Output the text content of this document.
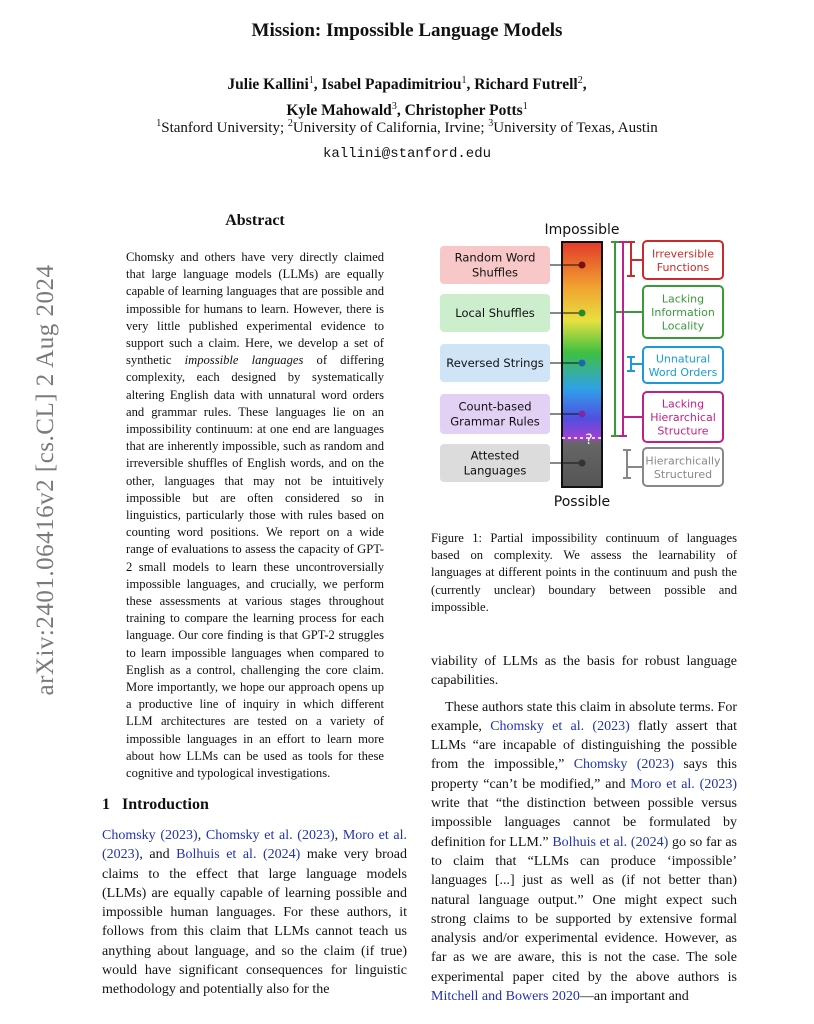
Mission: Impossible Language Models
Julie Kallini$^1$, Isabel Papadimitriou$^1$, Richard Futrell$^2$,
Kyle Mahowald$^3$, Christopher Potts$^1$
$^1$Stanford University; $^2$University of California, Irvine; $^3$University of Texas, Austin
kallini@stanford.edu
arXiv:2401.06416v2 [cs.CL] 2 Aug 2024
Abstract
Chomsky and others have very directly claimed that large language models (LLMs) are equally capable of learning languages that are possible and impossible for humans to learn. However, there is very little published experimental evidence to support such a claim. Here, we develop a set of synthetic impossible languages of differing complexity, each designed by systematically altering English data with unnatural word orders and grammar rules. These languages lie on an impossibility continuum: at one end are languages that are inherently impossible, such as random and irreversible shuffles of English words, and on the other, languages that may not be intuitively impossible but are often considered so in linguistics, particularly those with rules based on counting word positions. We report on a wide range of evaluations to assess the capacity of GPT-2 small models to learn these uncontroversially impossible languages, and crucially, we perform these assessments at various stages throughout training to compare the learning process for each language. Our core finding is that GPT-2 struggles to learn impossible languages when compared to English as a control, challenging the core claim. More importantly, we hope our approach opens up a productive line of inquiry in which different LLM architectures are tested on a variety of impossible languages in an effort to learn more about how LLMs can be used as tools for these cognitive and typological investigations.
1 Introduction
Chomsky (2023), Chomsky et al. (2023), Moro et al. (2023), and Bolhuis et al. (2024) make very broad claims to the effect that large language models (LLMs) are equally capable of learning possible and impossible human languages. For these authors, it follows from this claim that LLMs cannot teach us anything about language, and so the claim (if true) would have significant consequences for linguistic methodology and potentially also for the
Impossible
?
Random Word
Shuffles
Local Shuffles
Reversed Strings
Count-based
Grammar Rules
Attested
Languages
Irreversible
Functions
Lacking
Information
Locality
Unnatural
Word Orders
Lacking
Hierarchical
Structure
Hierarchically
Structured
Possible
Figure 1: Partial impossibility continuum of languages based on complexity. We assess the learnability of languages at different points in the continuum and push the (currently unclear) boundary between possible and impossible.

viability of LLMs as the basis for robust language capabilities.

These authors state this claim in absolute terms. For example, Chomsky et al. (2023) flatly assert that LLMs “are incapable of distinguishing the possible from the impossible,” Chomsky (2023) says this property “can’t be modified,” and Moro et al. (2023) write that “the distinction between possible versus impossible languages cannot be formulated by definition for LLM.” Bolhuis et al. (2024) go so far as to claim that “LLMs can produce ‘impossible’ languages [...] just as well as (if not better than) natural language output.” One might expect such strong claims to be supported by extensive formal analysis and/or experimental evidence. However, as far as we are aware, this is not the case. The sole experimental paper cited by the above authors is Mitchell and Bowers 2020—an important and
